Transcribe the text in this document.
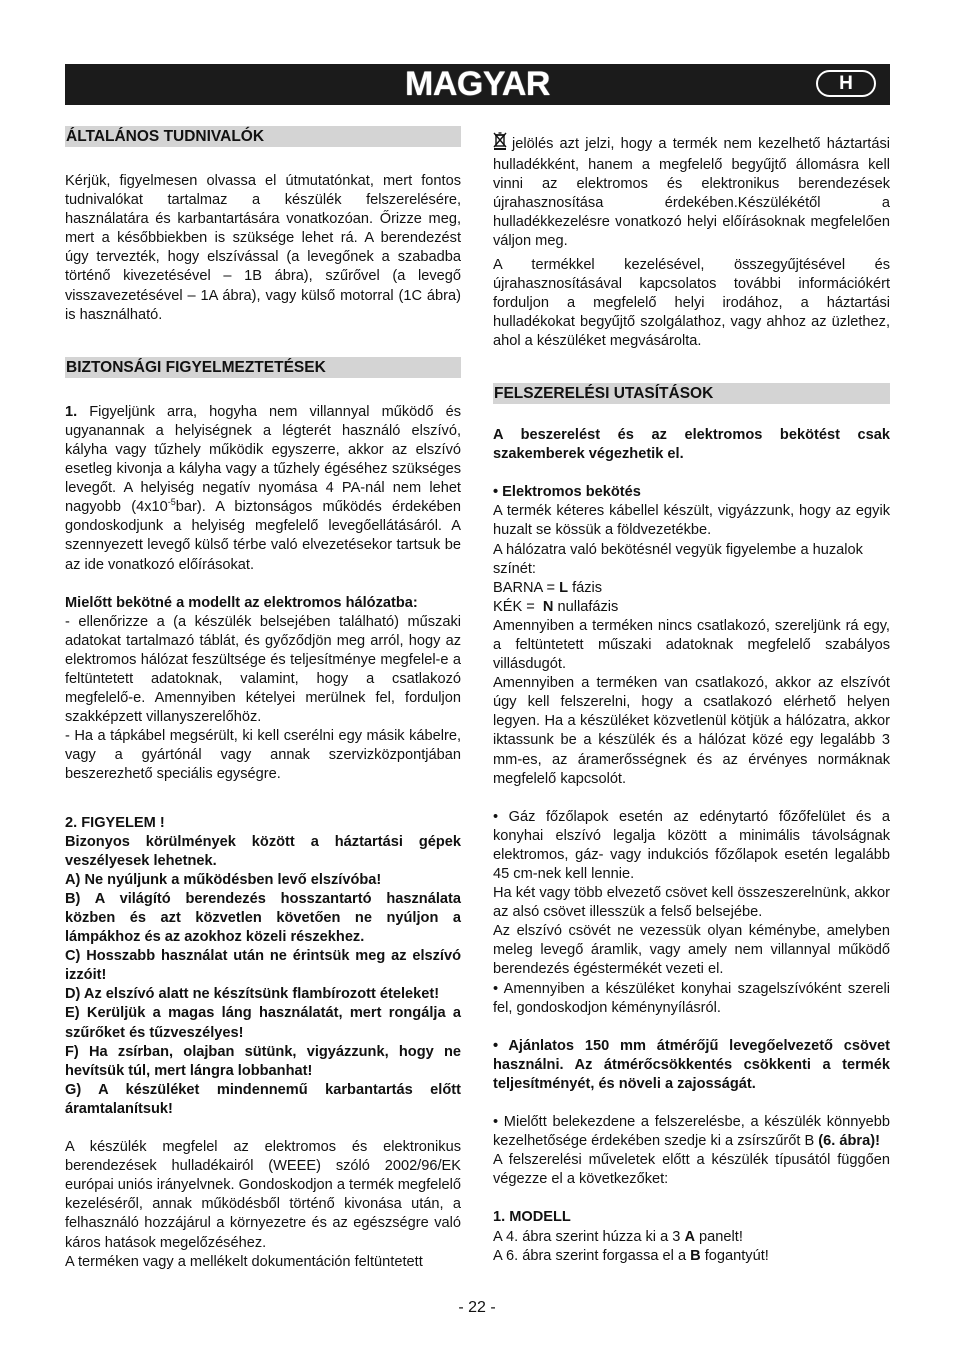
MAGYAR	H
ÁLTALÁNOS TUDNIVALÓK

Kérjük, figyelmesen olvassa el útmutatónkat, mert fontos tudnivalókat tartalmaz a készülék felszerelésére, használatára és karbantartására vonatkozóan. Őrizze meg, mert a későbbiekben is szüksége lehet rá. A berendezést úgy tervezték, hogy elszívással (a levegőnek a szabadba történő kivezetésével – 1B ábra), szűrővel (a levegő visszavezetésével – 1A ábra), vagy külső motorral (1C ábra) is használható.

BIZTONSÁGI FIGYELMEZTETÉSEK

1. Figyeljünk arra, hogyha nem villannyal működő és ugyanannak a helyiségnek a légterét használó elszívó, kályha vagy tűzhely működik egyszerre, akkor az elszívó esetleg kivonja a kályha vagy a tűzhely égéséhez szükséges levegőt. A helyiség negatív nyomása 4 PA-nál nem lehet nagyobb $(4x10^{-5}bar)$. A biztonságos működés érdekében gondoskodjunk a helyiség megfelelő levegőellátásáról. A szennyezett levegő külső térbe való elvezetésekor tartsuk be az ide vonatkozó előírásokat.

Mielőtt bekötné a modellt az elektromos hálózatba:

- ellenőrizze a (a készülék belsejében található) műszaki adatokat tartalmazó táblát, és győződjön meg arról, hogy az elektromos hálózat feszültsége és teljesítménye megfelel-e a feltüntetett adatoknak, valamint, hogy a csatlakozó megfelelő-e. Amennyiben kételyei merülnek fel, forduljon szakképzett villanyszerelőhöz.

- Ha a tápkábel megsérült, ki kell cserélni egy másik kábelre, vagy a gyártónál vagy annak szervizközpontjában beszerezhető speciális egységre.

2. FIGYELEM !

Bizonyos körülmények között a háztartási gépek veszélyesek lehetnek.

A) Ne nyúljunk a működésben levő elszívóba!

B) A világító berendezés hosszantartó használata közben és azt közvetlen követően ne nyúljon a lámpákhoz és az azokhoz közeli részekhez.

C) Hosszabb használat után ne érintsük meg az elszívó izzóit!

D) Az elszívó alatt ne készítsünk flambírozott ételeket!

E) Kerüljük a magas láng használatát, mert rongálja a szűrőket és tűzveszélyes!

F) Ha zsírban, olajban sütünk, vigyázzunk, hogy ne hevítsük túl, mert lángra lobbanhat!

G) A készüléket mindennemű karbantartás előtt áramtalanítsuk!

A készülék megfelel az elektromos és elektronikus berendezések hulladékairól (WEEE) szóló 2002/96/EK európai uniós irányelvnek. Gondoskodjon a termék megfelelő kezeléséről, annak működésből történő kivonása után, a felhasználó hozzájárul a környezetre és az egészségre való káros hatások megelőzéséhez.

A terméken vagy a mellékelt dokumentáción feltüntetett

jelölés azt jelzi, hogy a termék nem kezelhető háztartási hulladékként, hanem a megfelelő begyűjtő állomásra kell vinni az elektromos és elektronikus berendezések újrahasznosítása érdekében.Készülékétől a hulladékkezelésre vonatkozó helyi előírásoknak megfelelően váljon meg.

A termékkel kezelésével, összegyűjtésével és újrahasznosításával kapcsolatos további információkért forduljon a megfelelő helyi irodához, a háztartási hulladékokat begyűjtő szolgálathoz, vagy ahhoz az üzlethez, ahol a készüléket megvásárolta.

FELSZERELÉSI UTASÍTÁSOK

A beszerelést és az elektromos bekötést csak szakemberek végezhetik el.

• Elektromos bekötés

A termék kéteres kábellel készült, vigyázzunk, hogy az egyik huzalt se kössük a földvezetékbe.

A hálózatra való bekötésnél vegyük figyelembe a huzalok színét:

BARNA = L fázis

KÉK =  N nullafázis

Amennyiben a terméken nincs csatlakozó, szereljünk rá egy, a feltüntetett műszaki adatoknak megfelelő szabályos villásdugót.

Amennyiben a terméken van csatlakozó, akkor az elszívót úgy kell felszerelni, hogy a csatlakozó elérhető helyen legyen. Ha a készüléket közvetlenül kötjük a hálózatra, akkor iktassunk be a készülék és a hálózat közé egy legalább 3 mm-es, az áramerősségnek és az érvényes normáknak megfelelő kapcsolót.

• Gáz főzőlapok esetén az edénytartó főzőfelület és a konyhai elszívó legalja között a minimális távolságnak elektromos, gáz- vagy indukciós főzőlapok esetén legalább 45 cm-nek kell lennie.

Ha két vagy több elvezető csövet kell összeszerelnünk, akkor az alsó csövet illesszük a felső belsejébe.

Az elszívó csövét ne vezessük olyan kéménybe, amelyben meleg levegő áramlik, vagy amely nem villannyal működő berendezés égéstermékét vezeti el.

• Amennyiben a készüléket konyhai szagelszívóként szereli fel, gondoskodjon kéménynyílásról.

• Ajánlatos 150 mm átmérőjű levegőelvezető csövet használni. Az átmérőcsökkentés csökkenti a termék teljesítményét, és növeli a zajosságát.

• Mielőtt belekezdene a felszerelésbe, a készülék könnyebb kezelhetősége érdekében szedje ki a zsírszűrőt B (6. ábra)!

A felszerelési műveletek előtt a készülék típusától függően végezze el a következőket:

1. MODELL

A 4. ábra szerint húzza ki a 3 A panelt!

A 6. ábra szerint forgassa el a B fogantyút!

- 22 -
